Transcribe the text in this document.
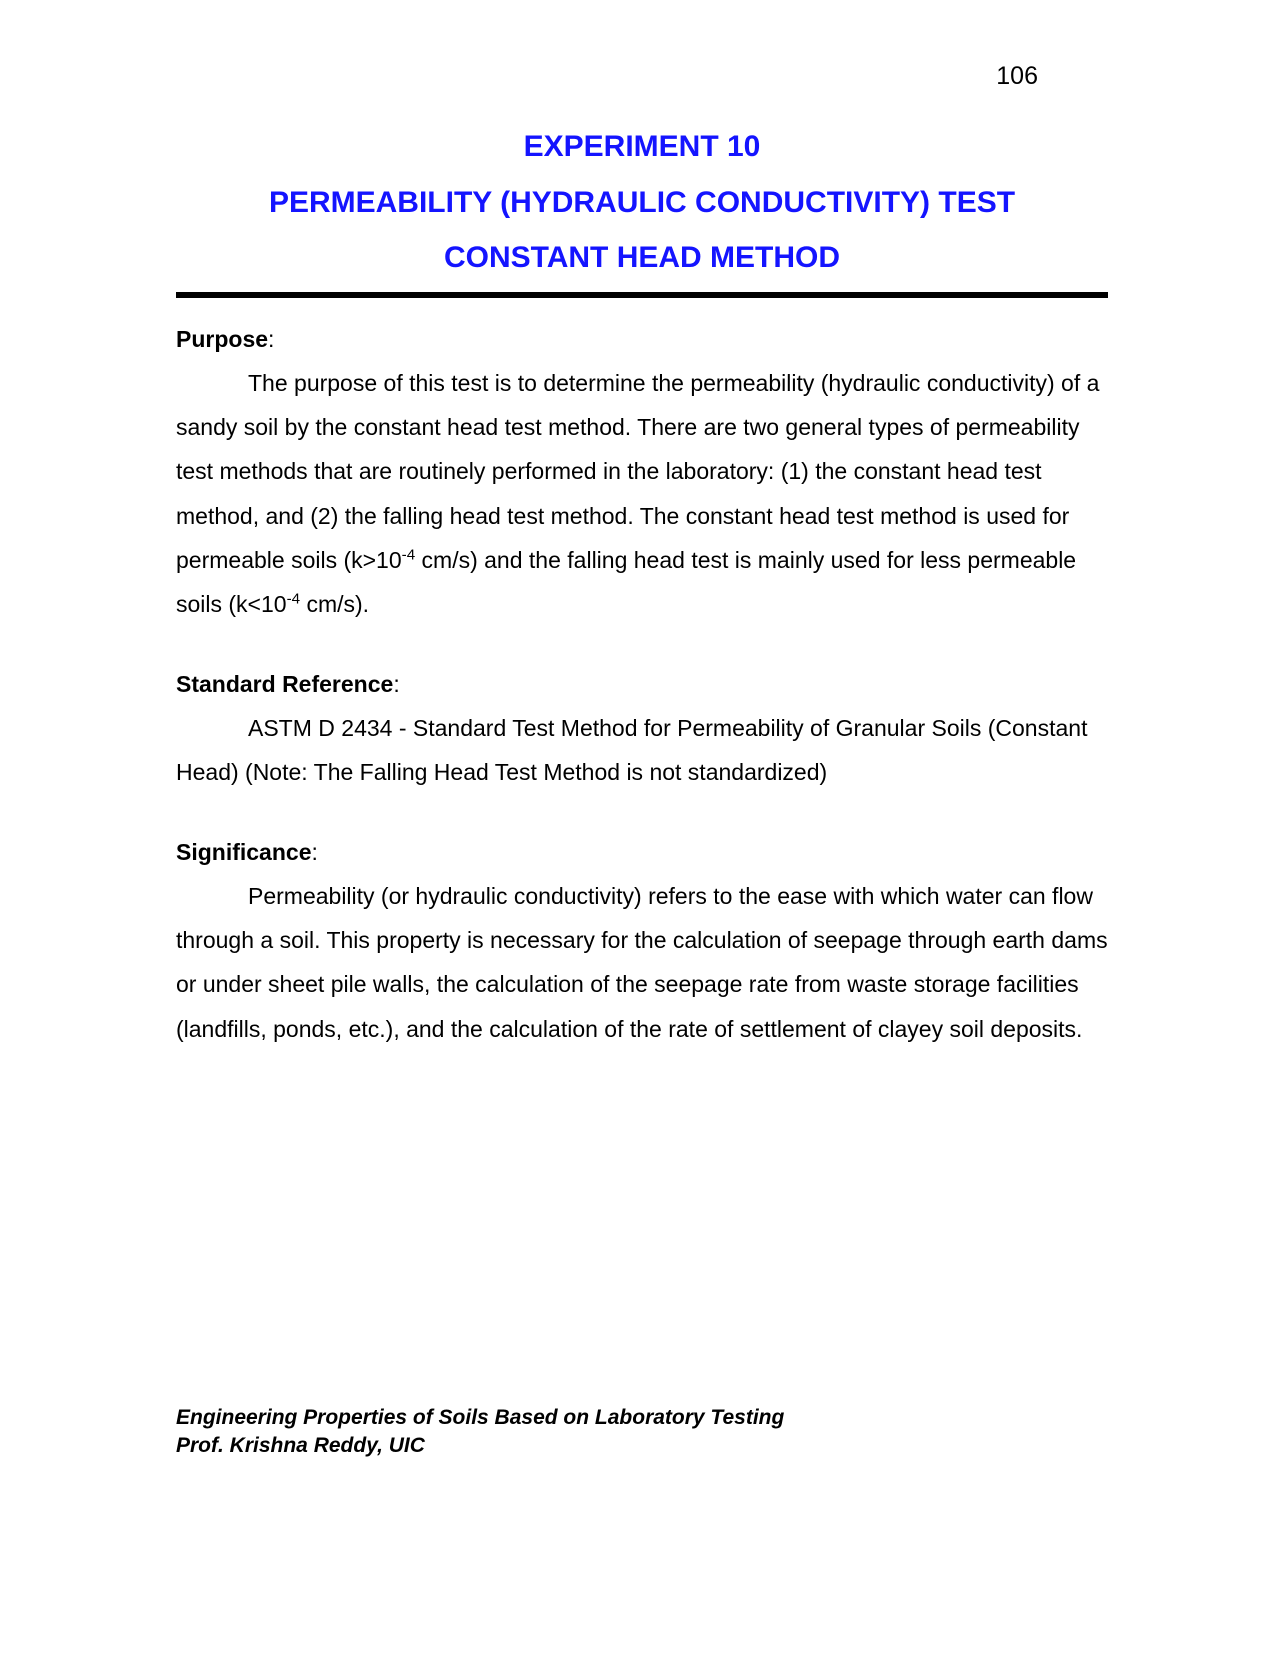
106
EXPERIMENT 10
PERMEABILITY (HYDRAULIC CONDUCTIVITY) TEST
CONSTANT HEAD METHOD
Purpose:

The purpose of this test is to determine the permeability (hydraulic conductivity) of a sandy soil by the constant head test method. There are two general types of permeability test methods that are routinely performed in the laboratory: (1) the constant head test method, and (2) the falling head test method. The constant head test method is used for permeable soils ($k>10^{-4}$ cm/s) and the falling head test is mainly used for less permeable soils ($k<10^{-4}$ cm/s).

Standard Reference:

ASTM D 2434 - Standard Test Method for Permeability of Granular Soils (Constant Head) (Note: The Falling Head Test Method is not standardized)

Significance:

Permeability (or hydraulic conductivity) refers to the ease with which water can flow through a soil. This property is necessary for the calculation of seepage through earth dams or under sheet pile walls, the calculation of the seepage rate from waste storage facilities (landfills, ponds, etc.), and the calculation of the rate of settlement of clayey soil deposits.

Engineering Properties of Soils Based on Laboratory Testing
Prof. Krishna Reddy, UIC
